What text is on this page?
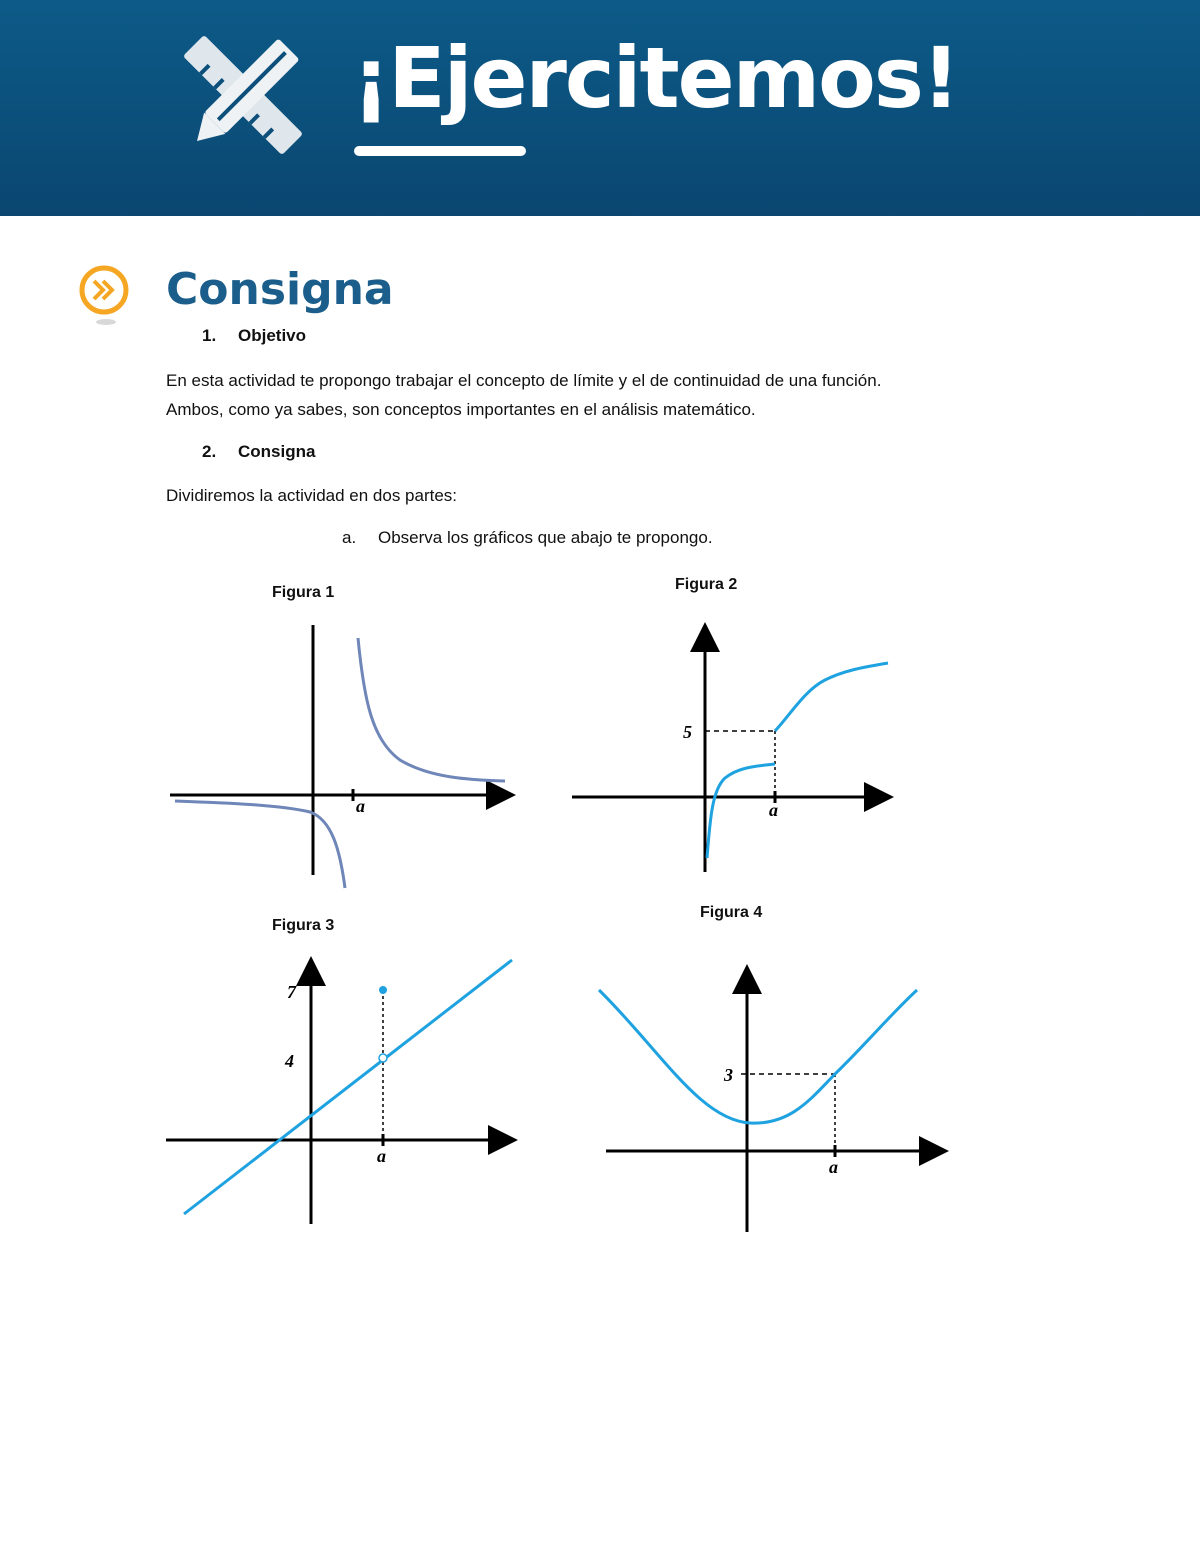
¡Ejercitemos!
Consigna
1. Objetivo
En esta actividad te propongo trabajar el concepto de límite y el de continuidad de una función.
Ambos, como ya sabes, son conceptos importantes en el análisis matemático.
2. Consigna
Dividiremos la actividad en dos partes:
a. Observa los gráficos que abajo te propongo.
Figura 1	Figura 2
Figura 3
Figura 4
a
5
a
7
4
a
3
a
